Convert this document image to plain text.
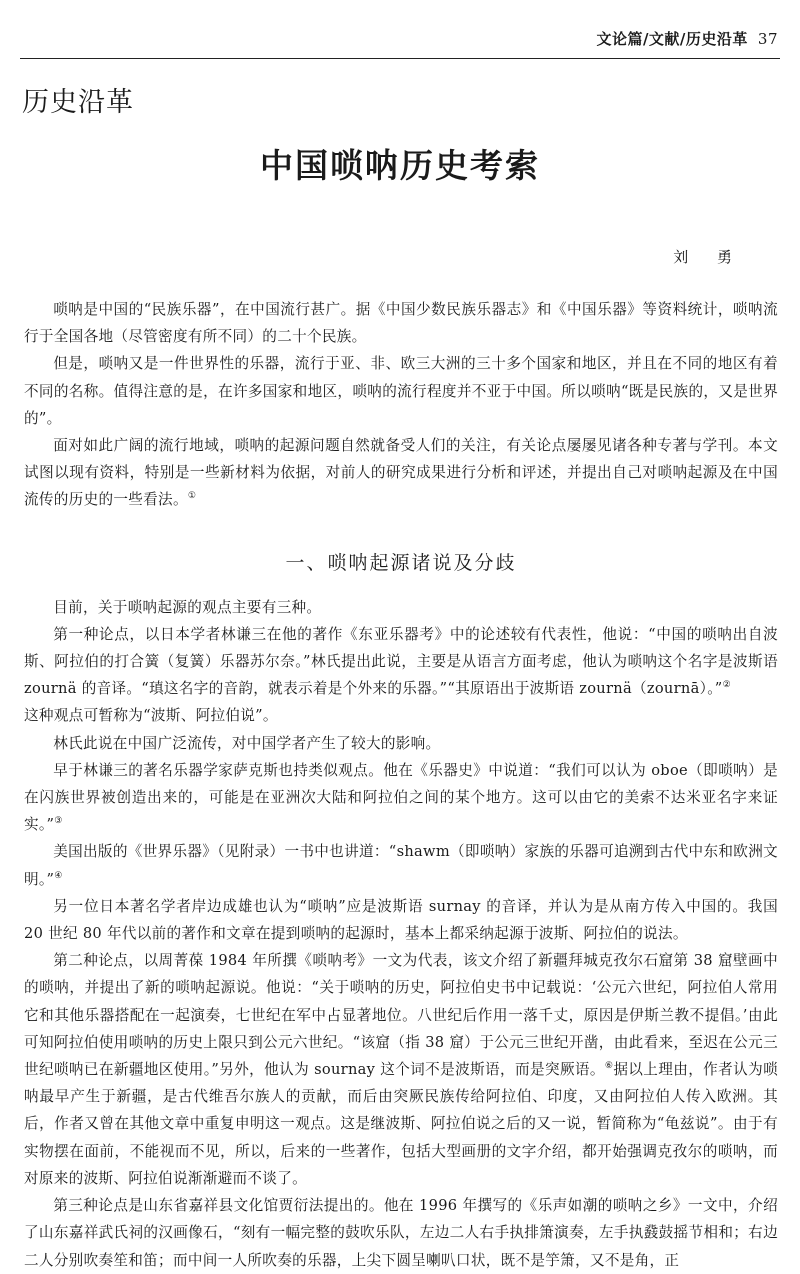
文论篇/文献/历史沿革 37
历史沿革
中国唢呐历史考索
刘 勇

唢呐是中国的“民族乐器”，在中国流行甚广。据《中国少数民族乐器志》和《中国乐器》等资料统计，唢呐流行于全国各地（尽管密度有所不同）的二十个民族。

但是，唢呐又是一件世界性的乐器，流行于亚、非、欧三大洲的三十多个国家和地区，并且在不同的地区有着不同的名称。值得注意的是，在许多国家和地区，唢呐的流行程度并不亚于中国。所以唢呐“既是民族的，又是世界的”。

面对如此广阔的流行地域，唢呐的起源问题自然就备受人们的关注，有关论点屡屡见诸各种专著与学刊。本文试图以现有资料，特别是一些新材料为依据，对前人的研究成果进行分析和评述，并提出自己对唢呐起源及在中国流传的历史的一些看法。①

一、唢呐起源诸说及分歧

目前，关于唢呐起源的观点主要有三种。

第一种论点，以日本学者林谦三在他的著作《东亚乐器考》中的论述较有代表性，他说：“中国的唢呐出自波斯、阿拉伯的打合簧（复簧）乐器苏尔奈。”林氏提出此说，主要是从语言方面考虑，他认为唢呐这个名字是波斯语 zournä 的音译。“瑱这名字的音韵，就表示着是个外来的乐器。”“其原语出于波斯语 zournä（zournā）。”②
这种观点可暂称为“波斯、阿拉伯说”。

林氏此说在中国广泛流传，对中国学者产生了较大的影响。

早于林谦三的著名乐器学家萨克斯也持类似观点。他在《乐器史》中说道：“我们可以认为 oboe（即唢呐）是在闪族世界被创造出来的，可能是在亚洲次大陆和阿拉伯之间的某个地方。这可以由它的美索不达米亚名字来证实。”③

美国出版的《世界乐器》（见附录）一书中也讲道：“shawm（即唢呐）家族的乐器可追溯到古代中东和欧洲文明。”④

另一位日本著名学者岸边成雄也认为“唢呐”应是波斯语 surnay 的音译，并认为是从南方传入中国的。我国 20 世纪 80 年代以前的著作和文章在提到唢呐的起源时，基本上都采纳起源于波斯、阿拉伯的说法。

第二种论点，以周菁葆 1984 年所撰《唢呐考》一文为代表，该文介绍了新疆拜城克孜尔石窟第 38 窟壁画中的唢呐，并提出了新的唢呐起源说。他说：“关于唢呐的历史，阿拉伯史书中记载说：‘公元六世纪，阿拉伯人常用它和其他乐器搭配在一起演奏，七世纪在军中占显著地位。八世纪后作用一落千丈，原因是伊斯兰教不提倡。’由此可知阿拉伯使用唢呐的历史上限只到公元六世纪。“该窟（指 38 窟）于公元三世纪开凿，由此看来，至迟在公元三世纪唢呐已在新疆地区使用。”另外，他认为 sournay 这个词不是波斯语，而是突厥语。⑥据以上理由，作者认为唢呐最早产生于新疆，是古代维吾尔族人的贡献，而后由突厥民族传给阿拉伯、印度，又由阿拉伯人传入欧洲。其后，作者又曾在其他文章中重复申明这一观点。这是继波斯、阿拉伯说之后的又一说，暂简称为“龟兹说”。由于有实物摆在面前，不能视而不见，所以，后来的一些著作，包括大型画册的文字介绍，都开始强调克孜尔的唢呐，而对原来的波斯、阿拉伯说渐渐避而不谈了。

第三种论点是山东省嘉祥县文化馆贾衍法提出的。他在 1996 年撰写的《乐声如潮的唢呐之乡》一文中，介绍了山东嘉祥武氏祠的汉画像石，“刻有一幅完整的鼓吹乐队，左边二人右手执排箫演奏，左手执鼗鼓摇节相和；右边二人分别吹奏笙和笛；而中间一人所吹奏的乐器，上尖下圆呈喇叭口状，既不是竽箫，又不是角，正
